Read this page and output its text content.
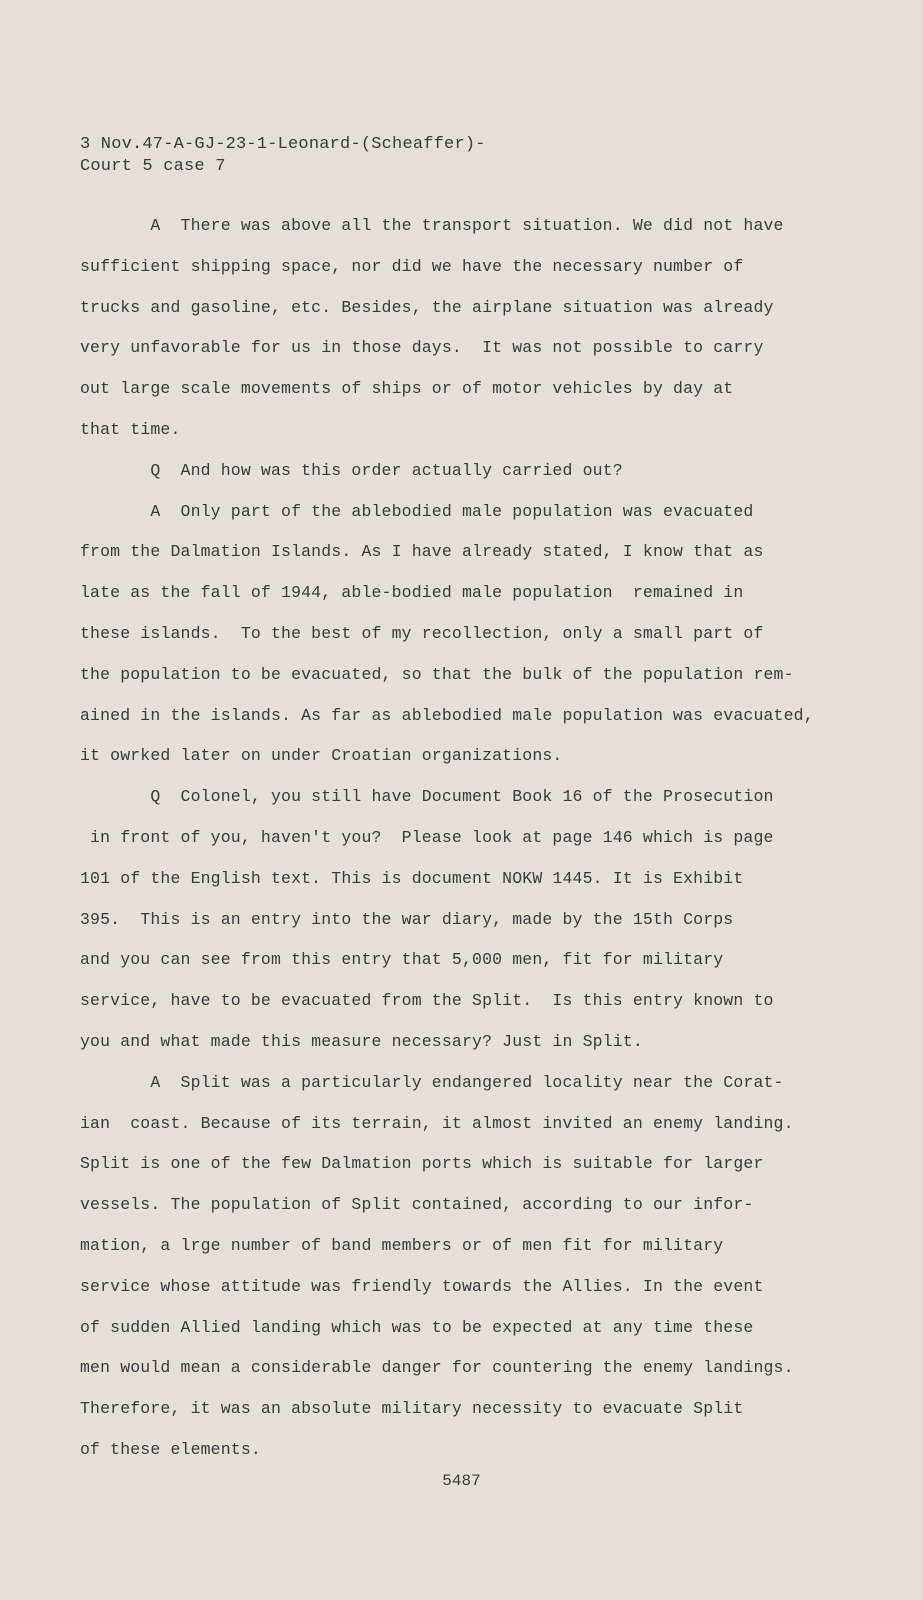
3 Nov.47-A-GJ-23-1-Leonard-(Scheaffer)-
Court 5 case 7
A  There was above all the transport situation. We did not have
sufficient shipping space, nor did we have the necessary number of
trucks and gasoline, etc. Besides, the airplane situation was already
very unfavorable for us in those days.  It was not possible to carry
out large scale movements of ships or of motor vehicles by day at
that time.
Q  And how was this order actually carried out?
A  Only part of the ablebodied male population was evacuated
from the Dalmation Islands. As I have already stated, I know that as
late as the fall of 1944, able-bodied male population  remained in
these islands.  To the best of my recollection, only a small part of
the population to be evacuated, so that the bulk of the population rem-
ained in the islands. As far as ablebodied male population was evacuated,
it owrked later on under Croatian organizations.
Q  Colonel, you still have Document Book 16 of the Prosecution
in front of you, haven't you?  Please look at page 146 which is page
101 of the English text. This is document NOKW 1445. It is Exhibit
395.  This is an entry into the war diary, made by the 15th Corps
and you can see from this entry that 5,000 men, fit for military
service, have to be evacuated from the Split.  Is this entry known to
you and what made this measure necessary? Just in Split.
A  Split was a particularly endangered locality near the Corat-
ian  coast. Because of its terrain, it almost invited an enemy landing.
Split is one of the few Dalmation ports which is suitable for larger
vessels. The population of Split contained, according to our infor-
mation, a lrge number of band members or of men fit for military
service whose attitude was friendly towards the Allies. In the event
of sudden Allied landing which was to be expected at any time these
men would mean a considerable danger for countering the enemy landings.
Therefore, it was an absolute military necessity to evacuate Split
of these elements.
5487
